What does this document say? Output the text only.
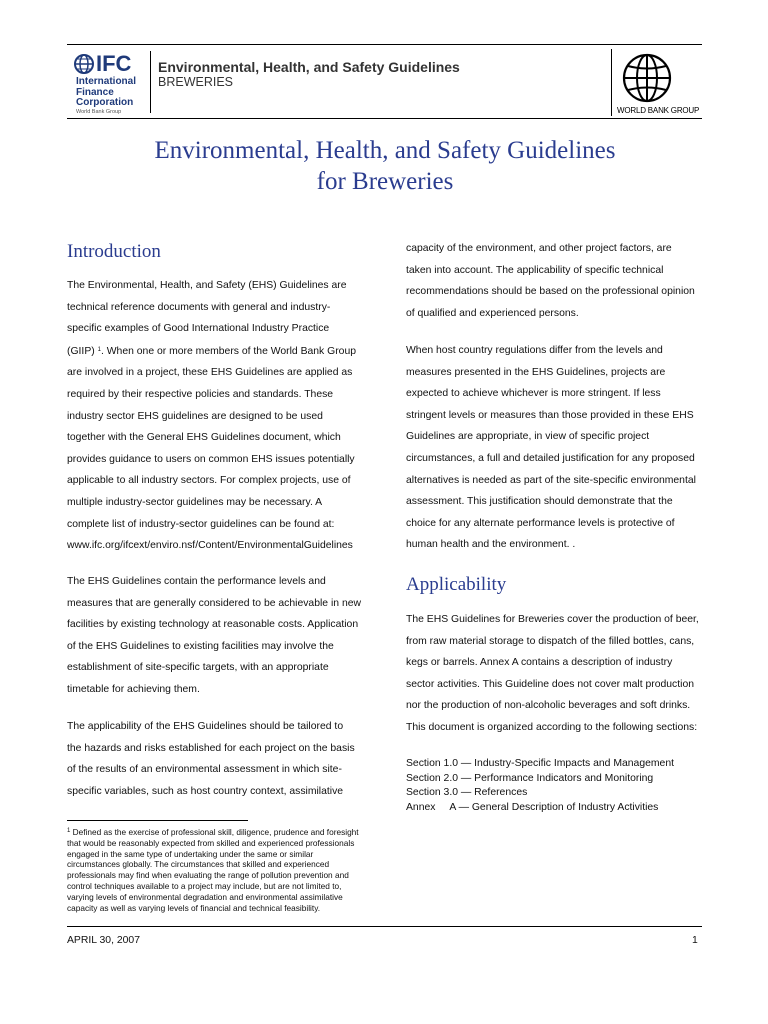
IFC
International
Finance
Corporation
World Bank Group
Environmental, Health, and Safety Guidelines
BREWERIES
WORLD BANK GROUP
Environmental, Health, and Safety Guidelines
for Breweries
Introduction
The Environmental, Health, and Safety (EHS) Guidelines are
technical reference documents with general and industry-
specific examples of Good International Industry Practice
(GIIP) $^1$. When one or more members of the World Bank Group
are involved in a project, these EHS Guidelines are applied as
required by their respective policies and standards. These
industry sector EHS guidelines are designed to be used
together with the General EHS Guidelines document, which
provides guidance to users on common EHS issues potentially
applicable to all industry sectors. For complex projects, use of
multiple industry-sector guidelines may be necessary. A
complete list of industry-sector guidelines can be found at:
www.ifc.org/ifcext/enviro.nsf/Content/EnvironmentalGuidelines
The EHS Guidelines contain the performance levels and
measures that are generally considered to be achievable in new
facilities by existing technology at reasonable costs. Application
of the EHS Guidelines to existing facilities may involve the
establishment of site-specific targets, with an appropriate
timetable for achieving them.
The applicability of the EHS Guidelines should be tailored to
the hazards and risks established for each project on the basis
of the results of an environmental assessment in which site-
specific variables, such as host country context, assimilative
$^1$ Defined as the exercise of professional skill, diligence, prudence and foresight
that would be reasonably expected from skilled and experienced professionals
engaged in the same type of undertaking under the same or similar
circumstances globally. The circumstances that skilled and experienced
professionals may find when evaluating the range of pollution prevention and
control techniques available to a project may include, but are not limited to,
varying levels of environmental degradation and environmental assimilative
capacity as well as varying levels of financial and technical feasibility.
capacity of the environment, and other project factors, are
taken into account. The applicability of specific technical
recommendations should be based on the professional opinion
of qualified and experienced persons.
When host country regulations differ from the levels and
measures presented in the EHS Guidelines, projects are
expected to achieve whichever is more stringent. If less
stringent levels or measures than those provided in these EHS
Guidelines are appropriate, in view of specific project
circumstances, a full and detailed justification for any proposed
alternatives is needed as part of the site-specific environmental
assessment. This justification should demonstrate that the
choice for any alternate performance levels is protective of
human health and the environment. .
Applicability
The EHS Guidelines for Breweries cover the production of beer,
from raw material storage to dispatch of the filled bottles, cans,
kegs or barrels. Annex A contains a description of industry
sector activities. This Guideline does not cover malt production
nor the production of non-alcoholic beverages and soft drinks.
This document is organized according to the following sections:
Section 1.0 — Industry-Specific Impacts and Management
Section 2.0 — Performance Indicators and Monitoring
Section 3.0 — References
Annex     A — General Description of Industry Activities
APRIL 30, 2007	1
